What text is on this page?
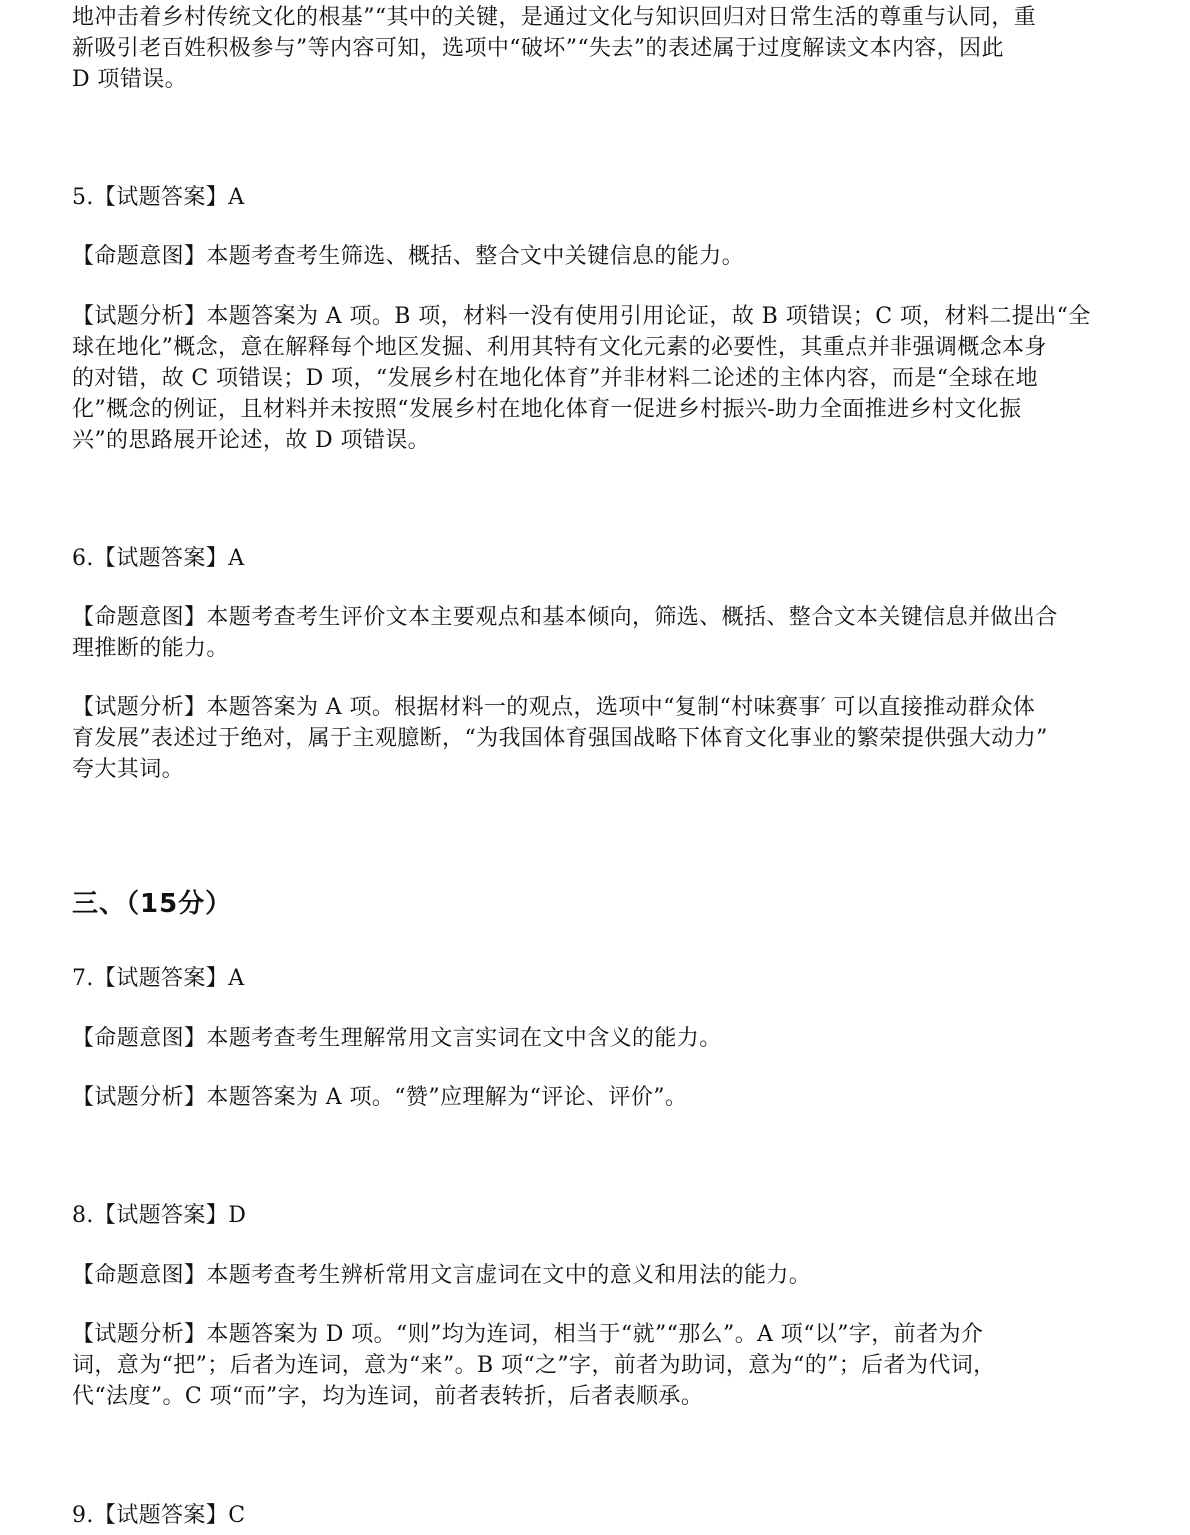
地冲击着乡村传统文化的根基”“其中的关键，是通过文化与知识回归对日常生活的尊重与认同，重
新吸引老百姓积极参与”等内容可知，选项中“破坏”“失去”的表述属于过度解读文本内容，因此
D 项错误。
5.【试题答案】A
【命题意图】本题考查考生筛选、概括、整合文中关键信息的能力。
【试题分析】本题答案为 A 项。B 项，材料一没有使用引用论证，故 B 项错误；C 项，材料二提出“全
球在地化”概念，意在解释每个地区发掘、利用其特有文化元素的必要性，其重点并非强调概念本身
的对错，故 C 项错误；D 项，“发展乡村在地化体育”并非材料二论述的主体内容，而是“全球在地
化”概念的例证，且材料并未按照“发展乡村在地化体育一促进乡村振兴-助力全面推进乡村文化振
兴”的思路展开论述，故 D 项错误。
6.【试题答案】A
【命题意图】本题考查考生评价文本主要观点和基本倾向，筛选、概括、整合文本关键信息并做出合
理推断的能力。
【试题分析】本题答案为 A 项。根据材料一的观点，选项中“复制“村味赛事′ 可以直接推动群众体
育发展”表述过于绝对，属于主观臆断，“为我国体育强国战略下体育文化事业的繁荣提供强大动力”
夸大其词。
三、（15分）
7.【试题答案】A
【命题意图】本题考查考生理解常用文言实词在文中含义的能力。
【试题分析】本题答案为 A 项。“赞”应理解为“评论、评价”。
8.【试题答案】D
【命题意图】本题考查考生辨析常用文言虚词在文中的意义和用法的能力。
【试题分析】本题答案为 D 项。“则”均为连词，相当于“就”“那么”。A 项“以”字，前者为介
词，意为“把”；后者为连词，意为“来”。B 项“之”字，前者为助词，意为“的”；后者为代词，
代“法度”。C 项“而”字，均为连词，前者表转折，后者表顺承。
9.【试题答案】C
